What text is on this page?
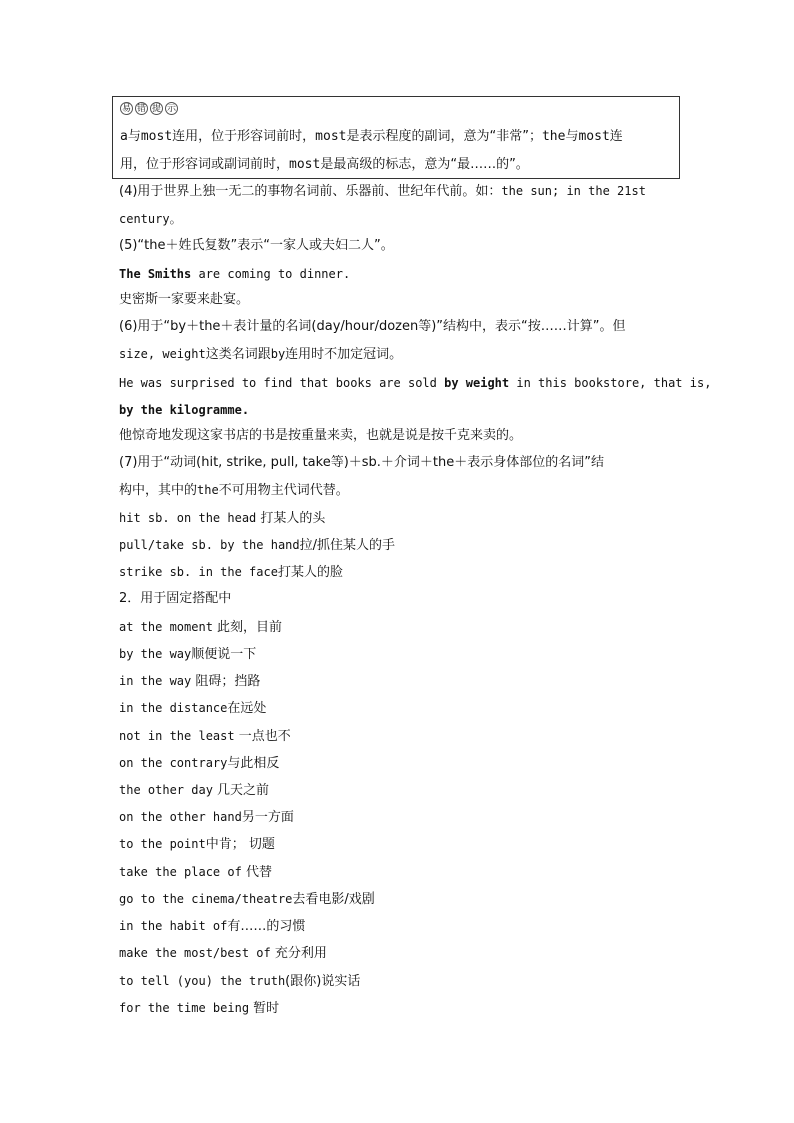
易 错 提 示
a与most连用，位于形容词前时，most是表示程度的副词，意为“非常”；the与most连
用，位于形容词或副词前时，most是最高级的标志，意为“最……的”。
(4)用于世界上独一无二的事物名词前、乐器前、世纪年代前。如：the sun; in the 21st
century。
(5)“the＋姓氏复数”表示“一家人或夫妇二人”。
The Smiths are coming to dinner.
史密斯一家要来赴宴。
(6)用于“by＋the＋表计量的名词(day/hour/dozen等)”结构中，表示“按……计算”。但
size, weight这类名词跟by连用时不加定冠词。
He was surprised to find that books are sold by weight in this bookstore, that is,
by the kilogramme.
他惊奇地发现这家书店的书是按重量来卖，也就是说是按千克来卖的。
(7)用于“动词(hit, strike, pull, take等)＋sb.＋介词＋the＋表示身体部位的名词”结
构中，其中的the不可用物主代词代替。
hit sb. on the head 打某人的头
pull/take sb. by the hand拉/抓住某人的手
strike sb. in the face打某人的脸
2．用于固定搭配中
at the moment 此刻，目前
by the way顺便说一下
in the way 阻碍；挡路
in the distance在远处
not in the least 一点也不
on the contrary与此相反
the other day 几天之前
on the other hand另一方面
to the point中肯； 切题
take the place of 代替
go to the cinema/theatre去看电影/戏剧
in the habit of有……的习惯
make the most/best of 充分利用
to tell (you) the truth(跟你)说实话
for the time being 暂时
